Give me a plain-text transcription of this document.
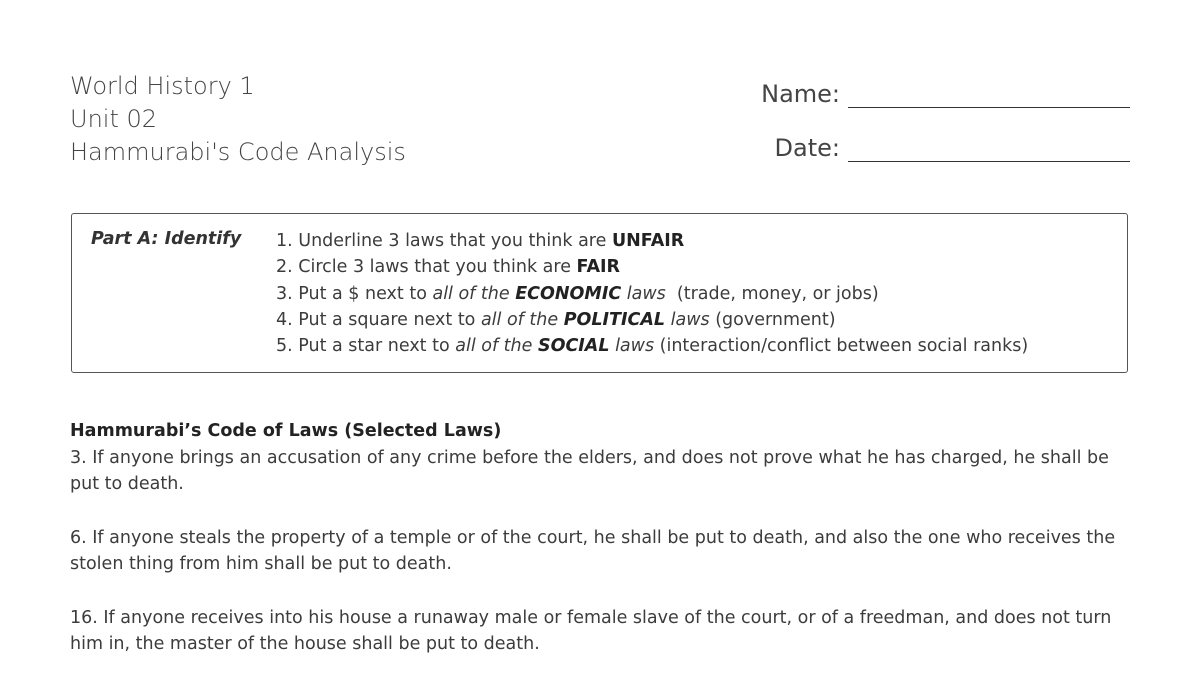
World History 1
Unit 02
Hammurabi's Code Analysis
Name:
Date:
Part A: Identify 1. Underline 3 laws that you think are UNFAIR
2. Circle 3 laws that you think are FAIR
3. Put a $ next to all of the ECONOMIC laws  (trade, money, or jobs)
4. Put a square next to all of the POLITICAL laws (government)
5. Put a star next to all of the SOCIAL laws (interaction/conflict between social ranks)
Hammurabi’s Code of Laws (Selected Laws)

3. If anyone brings an accusation of any crime before the elders, and does not prove what he has charged, he shall be put to death.

6. If anyone steals the property of a temple or of the court, he shall be put to death, and also the one who receives the stolen thing from him shall be put to death.

16. If anyone receives into his house a runaway male or female slave of the court, or of a freedman, and does not turn him in, the master of the house shall be put to death.
